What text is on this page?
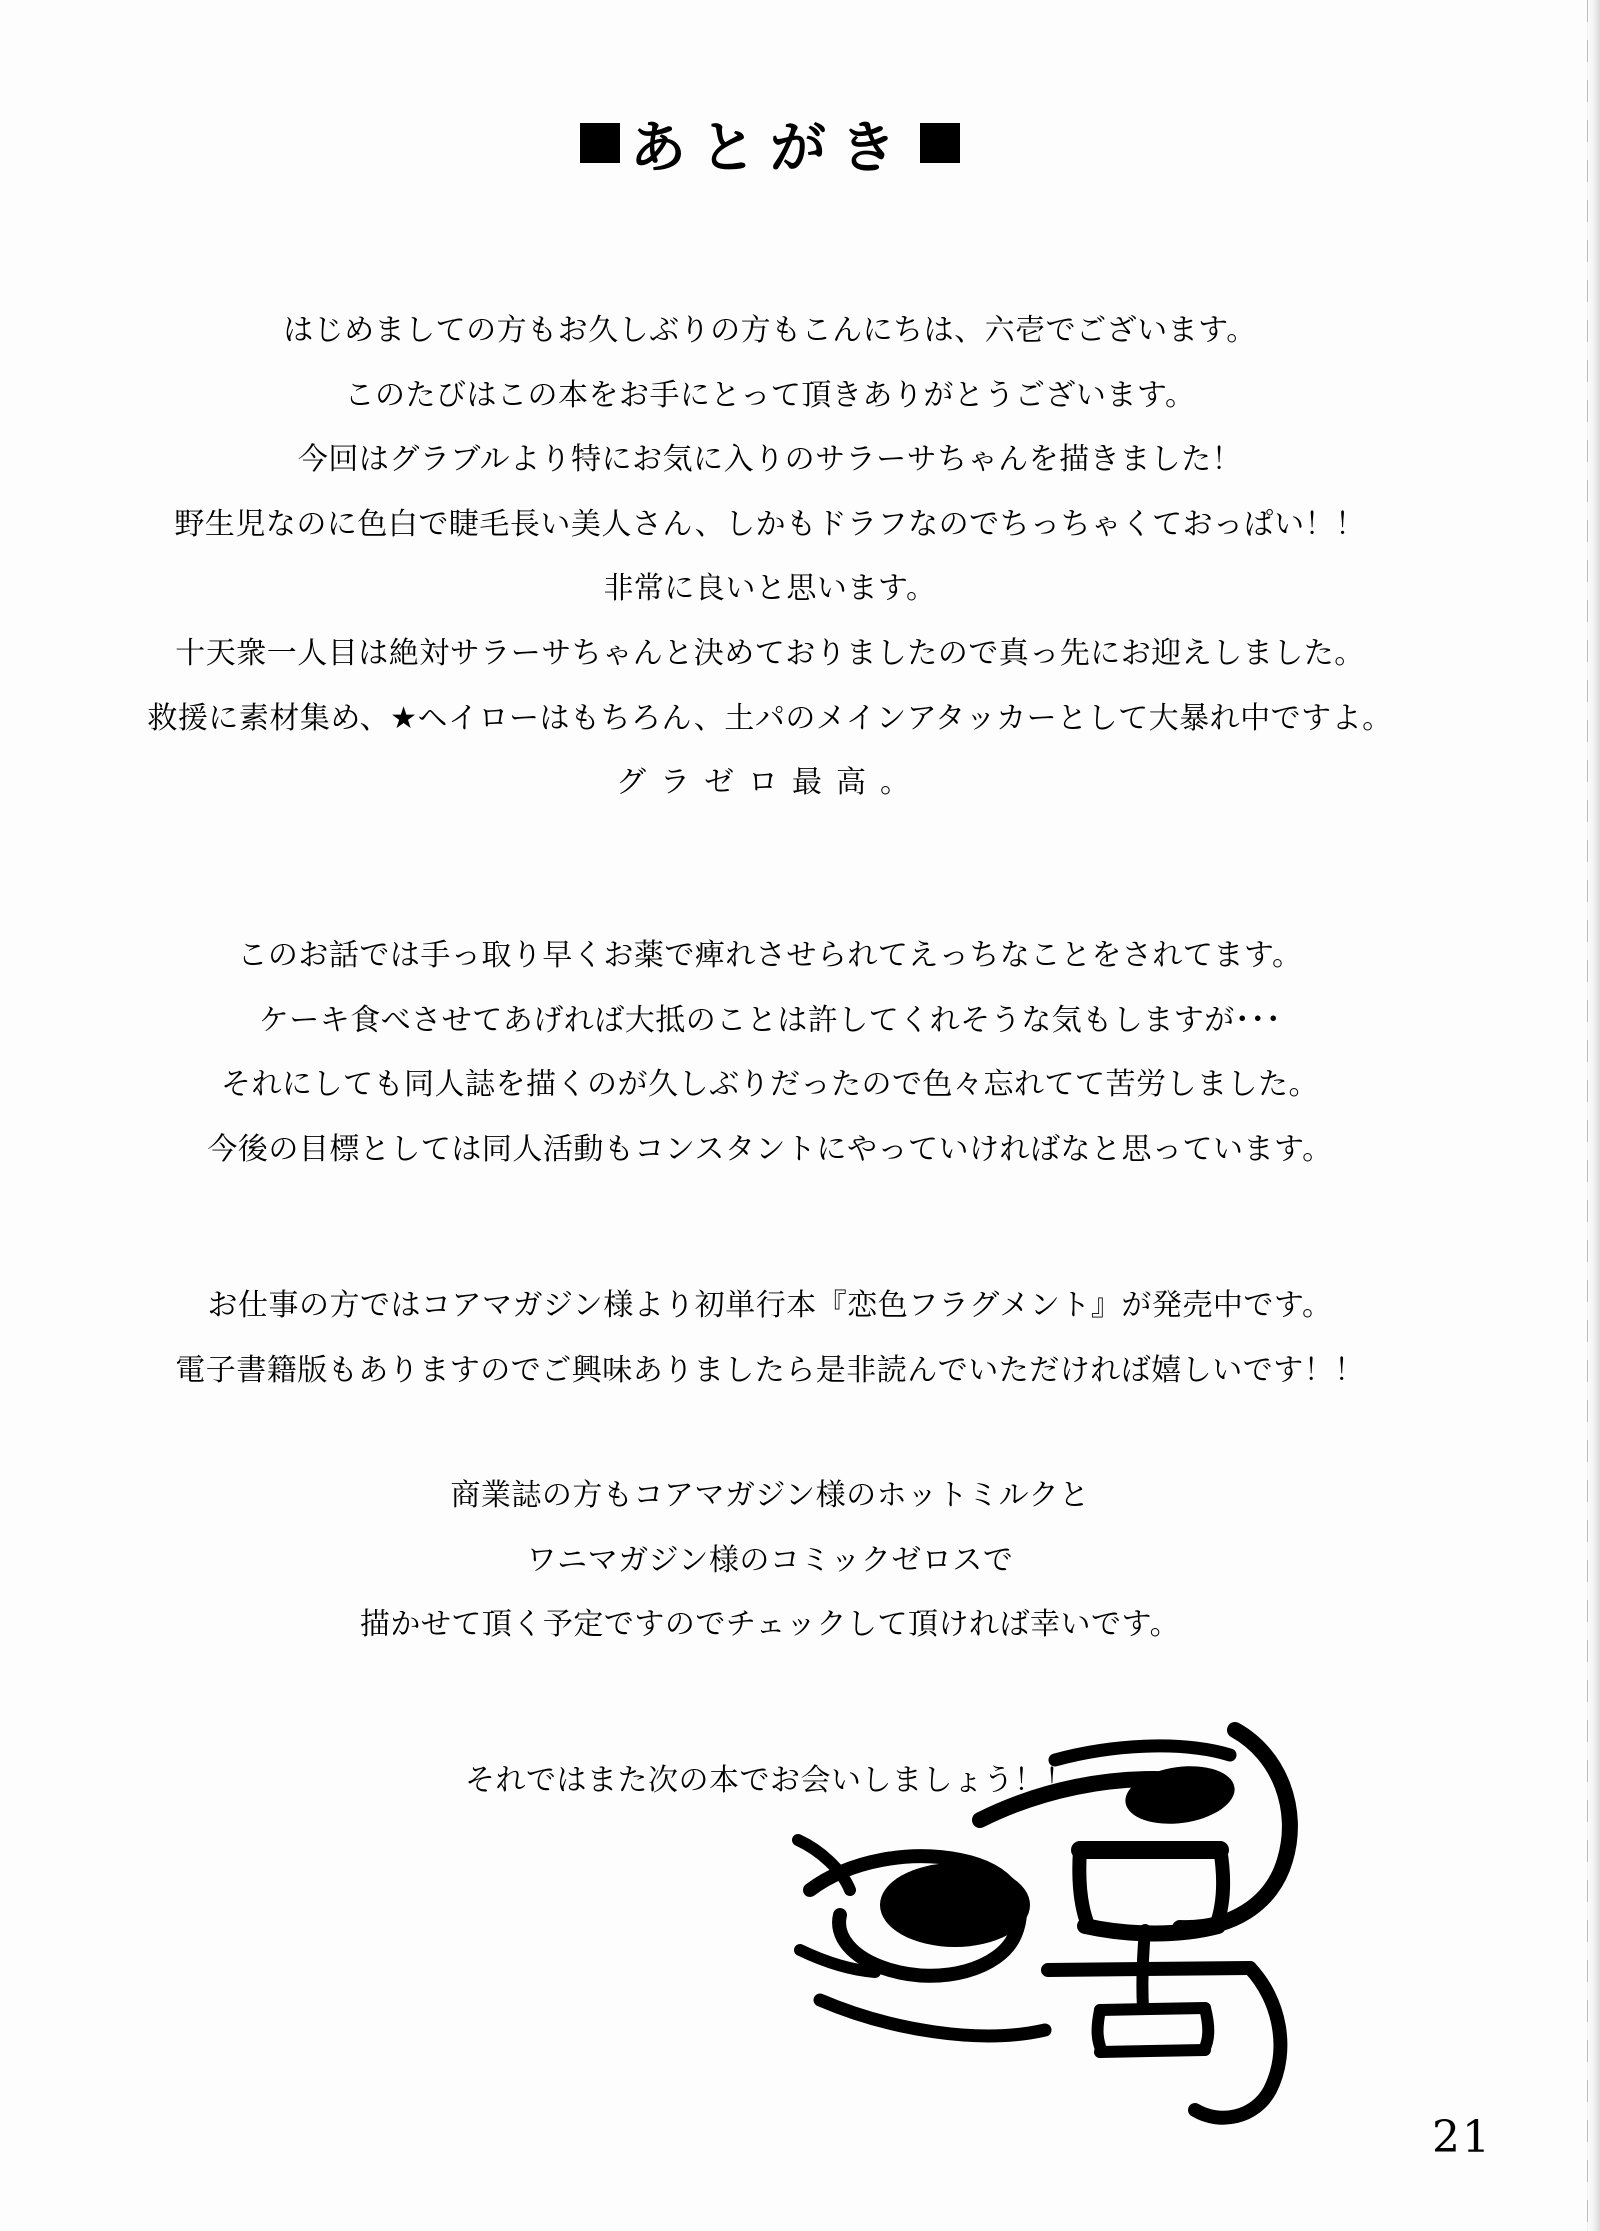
あとがき

はじめましての方もお久しぶりの方もこんにちは、六壱でございます。

このたびはこの本をお手にとって頂きありがとうございます。

今回はグラブルより特にお気に入りのサラーサちゃんを描きました！

野生児なのに色白で睫毛長い美人さん、しかもドラフなのでちっちゃくておっぱい！！

非常に良いと思います。

十天衆一人目は絶対サラーサちゃんと決めておりましたので真っ先にお迎えしました。

救援に素材集め、★ヘイローはもちろん、土パのメインアタッカーとして大暴れ中ですよ。

グラゼロ最高。

このお話では手っ取り早くお薬で痺れさせられてえっちなことをされてます。

ケーキ食べさせてあげれば大抵のことは許してくれそうな気もしますが･･･

それにしても同人誌を描くのが久しぶりだったので色々忘れてて苦労しました。

今後の目標としては同人活動もコンスタントにやっていければなと思っています。

お仕事の方ではコアマガジン様より初単行本『恋色フラグメント』が発売中です。

電子書籍版もありますのでご興味ありましたら是非読んでいただければ嬉しいです！！

商業誌の方もコアマガジン様のホットミルクと

ワニマガジン様のコミックゼロスで

描かせて頂く予定ですのでチェックして頂ければ幸いです。

それではまた次の本でお会いしましょう！！

21
